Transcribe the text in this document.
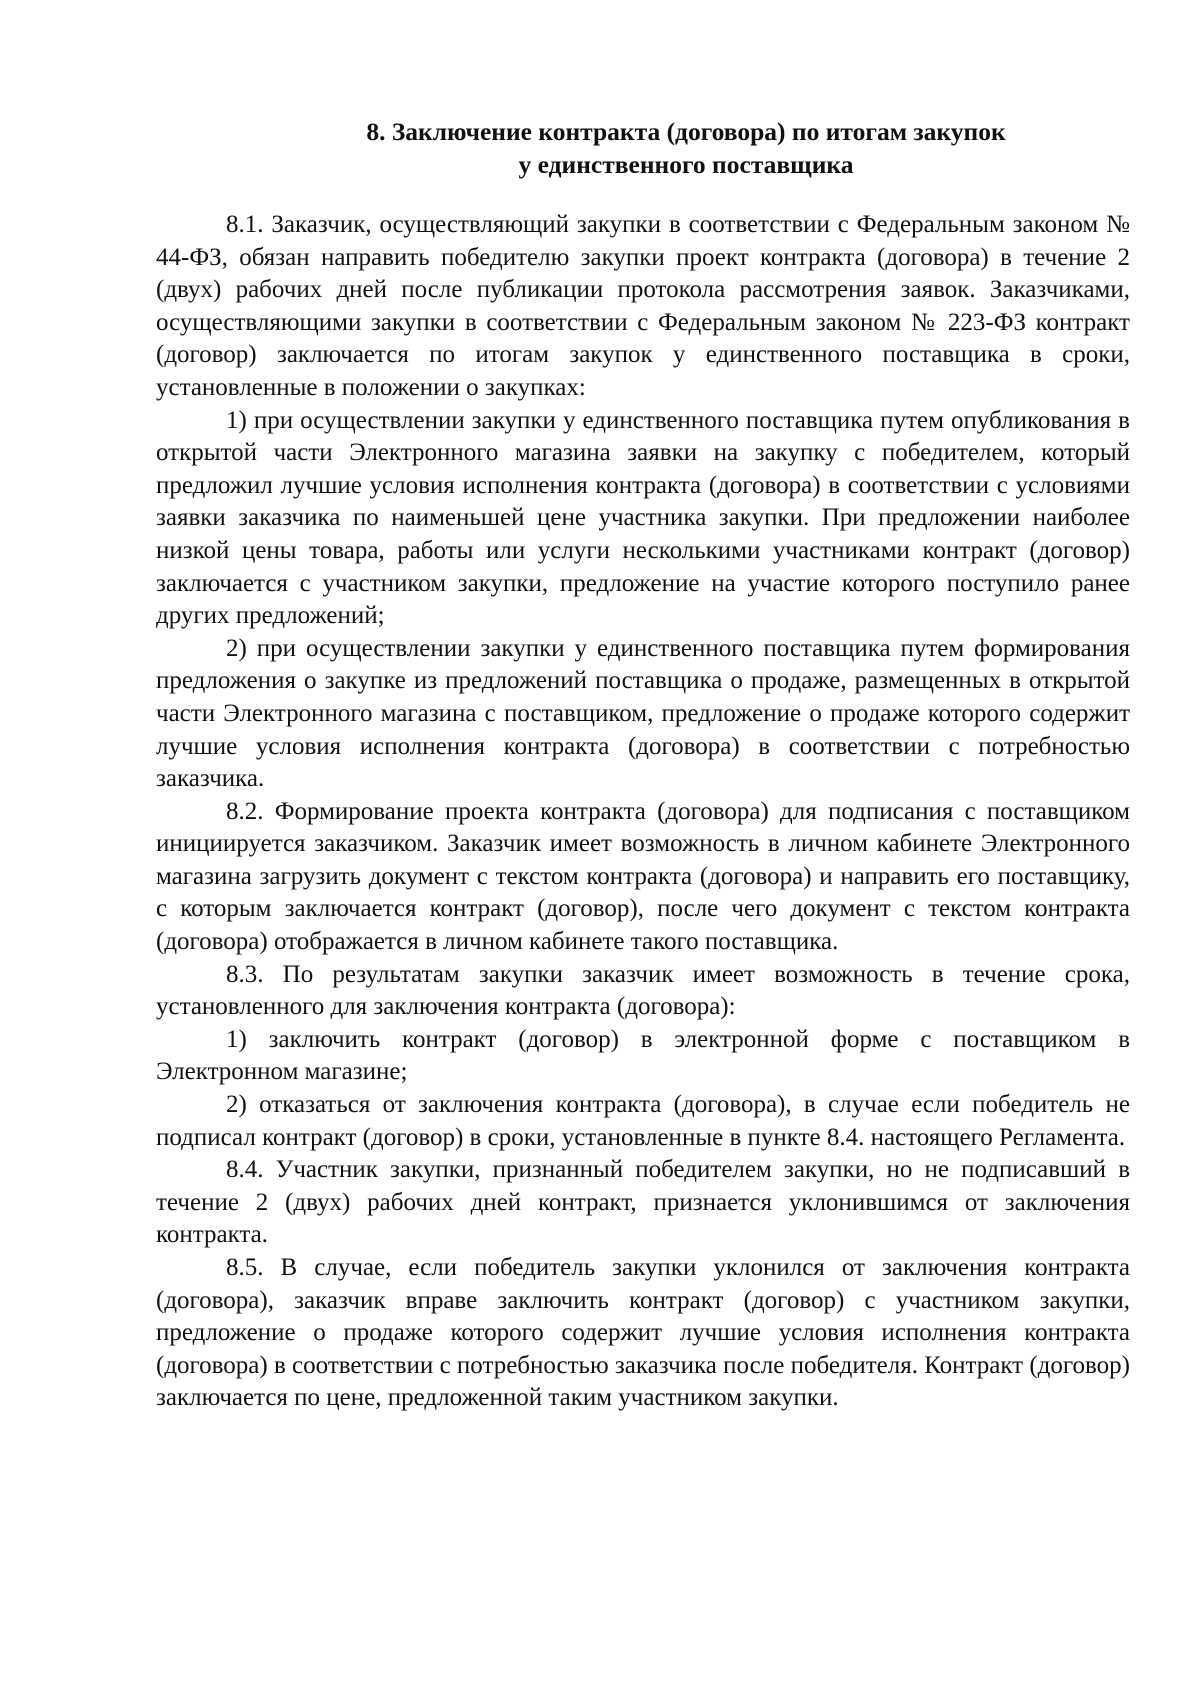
8. Заключение контракта (договора) по итогам закупок
у единственного поставщика

8.1. Заказчик, осуществляющий закупки в соответствии с Федеральным законом № 44-ФЗ, обязан направить победителю закупки проект контракта (договора) в течение 2 (двух) рабочих дней после публикации протокола рассмотрения заявок. Заказчиками, осуществляющими закупки в соответствии с Федеральным законом № 223-ФЗ контракт (договор) заключается по итогам закупок у единственного поставщика в сроки, установленные в положении о закупках:

1) при осуществлении закупки у единственного поставщика путем опубликования в открытой части Электронного магазина заявки на закупку с победителем, который предложил лучшие условия исполнения контракта (договора) в соответствии с условиями заявки заказчика по наименьшей цене участника закупки. При предложении наиболее низкой цены товара, работы или услуги несколькими участниками контракт (договор) заключается с участником закупки, предложение на участие которого поступило ранее других предложений;

2) при осуществлении закупки у единственного поставщика путем формирования предложения о закупке из предложений поставщика о продаже, размещенных в открытой части Электронного магазина с поставщиком, предложение о продаже которого содержит лучшие условия исполнения контракта (договора) в соответствии с потребностью заказчика.

8.2. Формирование проекта контракта (договора) для подписания с поставщиком инициируется заказчиком. Заказчик имеет возможность в личном кабинете Электронного магазина загрузить документ с текстом контракта (договора) и направить его поставщику, с которым заключается контракт (договор), после чего документ с текстом контракта (договора) отображается в личном кабинете такого поставщика.

8.3. По результатам закупки заказчик имеет возможность в течение срока, установленного для заключения контракта (договора):

1) заключить контракт (договор) в электронной форме с поставщиком в Электронном магазине;

2) отказаться от заключения контракта (договора), в случае если победитель не подписал контракт (договор) в сроки, установленные в пункте 8.4. настоящего Регламента.

8.4. Участник закупки, признанный победителем закупки, но не подписавший в течение 2 (двух) рабочих дней контракт, признается уклонившимся от заключения контракта.

8.5. В случае, если победитель закупки уклонился от заключения контракта (договора), заказчик вправе заключить контракт (договор) с участником закупки, предложение о продаже которого содержит лучшие условия исполнения контракта (договора) в соответствии с потребностью заказчика после победителя. Контракт (договор) заключается по цене, предложенной таким участником закупки.
